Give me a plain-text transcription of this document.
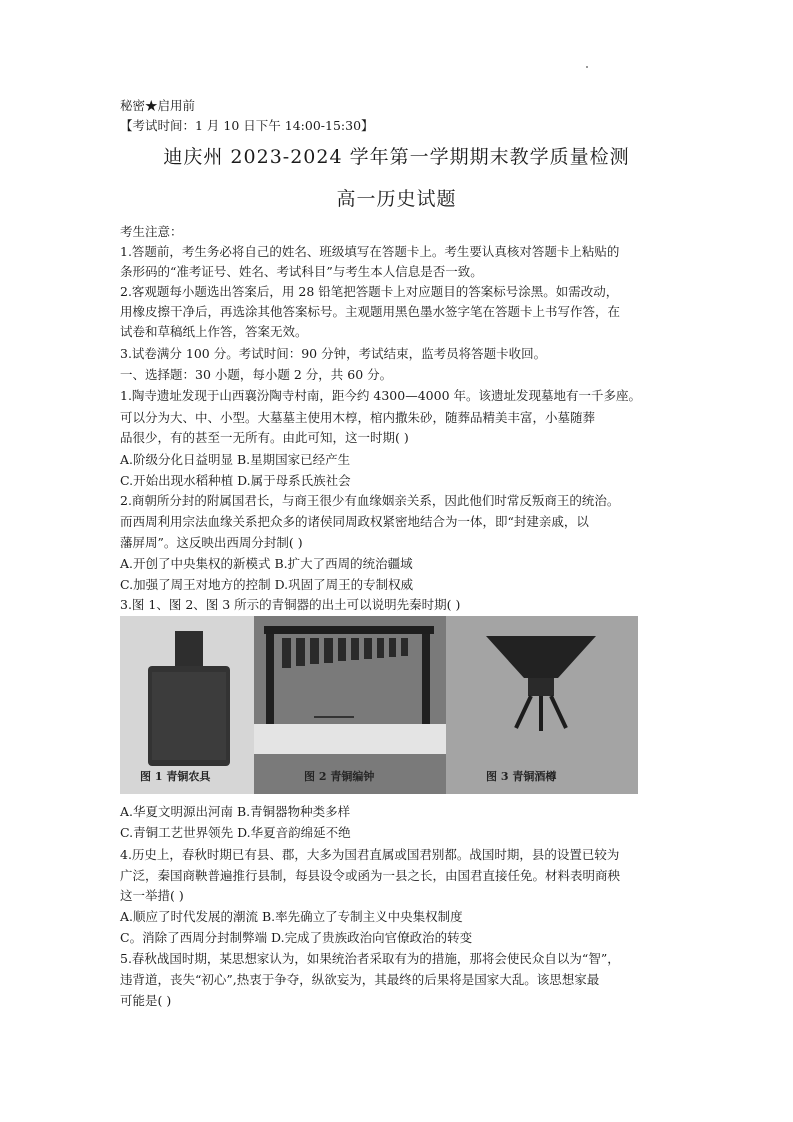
秘密★启用前
【考试时间：1 月 10 日下午 14:00-15:30】
迪庆州 2023-2024 学年第一学期期末教学质量检测
高一历史试题
考生注意：
1.答题前，考生务必将自己的姓名、班级填写在答题卡上。考生要认真核对答题卡上粘贴的
条形码的“准考证号、姓名、考试科目”与考生本人信息是否一致。
2.客观题每小题选出答案后，用 28 铅笔把答题卡上对应题目的答案标号涂黑。如需改动，
用橡皮擦干净后，再选涂其他答案标号。主观题用黑色墨水签字笔在答题卡上书写作答，在
试卷和草稿纸上作答，答案无效。
3.试卷满分 100 分。考试时间：90 分钟，考试结束，监考员将答题卡收回。
一、选择题：30 小题，每小题 2 分，共 60 分。
1.陶寺遗址发现于山西襄汾陶寺村南，距今约 4300—4000 年。该遗址发现墓地有一千多座。
可以分为大、中、小型。大墓墓主使用木椁，棺内撒朱砂，随葬品精美丰富，小墓随葬
品很少，有的甚至一无所有。由此可知，这一时期( )
A.阶级分化日益明显 B.星期国家已经产生
C.开始出现水稻种植 D.属于母系氏族社会
2.商朝所分封的附属国君长，与商王很少有血缘姻亲关系，因此他们时常反叛商王的统治。
而西周利用宗法血缘关系把众多的诸侯同周政权紧密地结合为一体，即“封建亲戚，以
藩屏周”。这反映出西周分封制( )
A.开创了中央集权的新模式 B.扩大了西周的统治疆域
C.加强了周王对地方的控制 D.巩固了周王的专制权威
3.图 1、图 2、图 3 所示的青铜器的出土可以说明先秦时期( )
图 1 青铜农具	图 2 青铜编钟	图 3 青铜酒樽
A.华夏文明源出河南 B.青铜器物种类多样
C.青铜工艺世界领先 D.华夏音韵绵延不绝
4.历史上，春秋时期已有县、郡，大多为国君直属或国君别都。战国时期，县的设置已较为
广泛，秦国商鞅普遍推行县制，每县设令或函为一县之长，由国君直接任免。材料表明商秧
这一举措( )
A.顺应了时代发展的潮流 B.率先确立了专制主义中央集权制度
C。消除了西周分封制弊端 D.完成了贵族政治向官僚政治的转变
5.春秋战国时期，某思想家认为，如果统治者采取有为的措施，那将会使民众自以为“智”，
违背道，丧失“初心”,热衷于争夺，纵欲妄为，其最终的后果将是国家大乱。该思想家最
可能是( )
